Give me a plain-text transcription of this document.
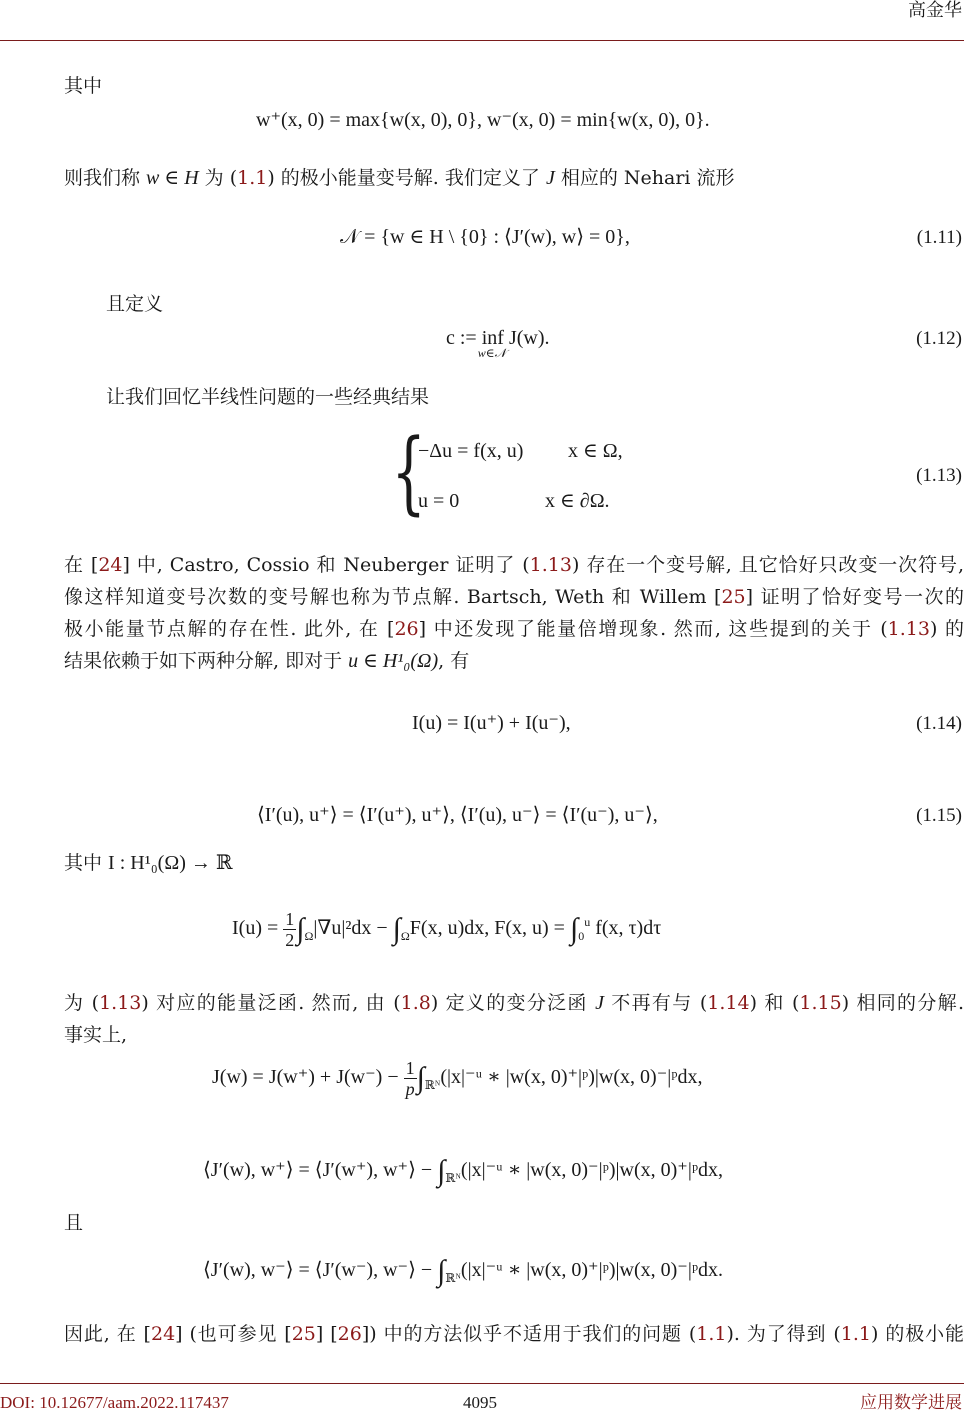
高金华
其中
w⁺(x, 0) = max{w(x, 0), 0}, w⁻(x, 0) = min{w(x, 0), 0}.
则我们称 w ∈ H 为 (1.1) 的极小能量变号解. 我们定义了 J 相应的 Nehari 流形
𝒩 = {w ∈ H \ {0} : ⟨J′(w), w⟩ = 0},	(1.11)
且定义
c := inf
w∈𝒩
J(w).	(1.12)
让我们回忆半线性问题的一些经典结果
{
−Δu = f(x, u) x ∈ Ω,
u = 0	x ∈ ∂Ω.
(1.13)
在 [24] 中, Castro, Cossio 和 Neuberger 证明了 (1.13) 存在一个变号解, 且它恰好只改变一次符号,
像这样知道变号次数的变号解也称为节点解. Bartsch, Weth 和 Willem [25] 证明了恰好变号一次的
极小能量节点解的存在性. 此外, 在 [26] 中还发现了能量倍增现象. 然而, 这些提到的关于 (1.13) 的
结果依赖于如下两种分解, 即对于 u ∈ H¹₀(Ω), 有
I(u) = I(u⁺) + I(u⁻),	(1.14)
⟨I′(u), u⁺⟩ = ⟨I′(u⁺), u⁺⟩, ⟨I′(u), u⁻⟩ = ⟨I′(u⁻), u⁻⟩,	(1.15)
其中 I : H¹₀(Ω) → ℝ
$I(u) = \frac{1}{2} \int_\Omega|\nabla u|^2dx - \int_\Omega F(x$, u)dx, F(x, $u) = \int_0^u$ f(x, τ)dτ
为 (1.13) 对应的能量泛函. 然而, 由 (1.8) 定义的变分泛函 J 不再有与 (1.14) 和 (1.15) 相同的分解.
事实上,
$J(w) = J(w^+) + J(w^-) - \frac{1}{p}$ $\int_{ℝᴺ}(|x|^-ᵘ$ ∗ |w(x, 0)⁺|ᵖ)|w(x, 0)⁻|ᵖdx,
⟨J′(w), w⁺⟩ = ⟨J′(w⁺), w⁺⟩ − $\int_{ℝᴺ}(|x|^-ᵘ$ ∗ |w(x, 0)⁻|ᵖ)|w(x, 0)⁺|ᵖdx,
且
⟨J′(w), w⁻⟩ = ⟨J′(w⁻), w⁻⟩ − $\int_{ℝᴺ}(|x|^-ᵘ$ ∗ |w(x, 0)⁺|ᵖ)|w(x, 0)⁻|ᵖdx.
因此, 在 [24] (也可参见 [25] [26]) 中的方法似乎不适用于我们的问题 (1.1). 为了得到 (1.1) 的极小能
DOI: 10.12677/aam.2022.117437	4095	应用数学进展
